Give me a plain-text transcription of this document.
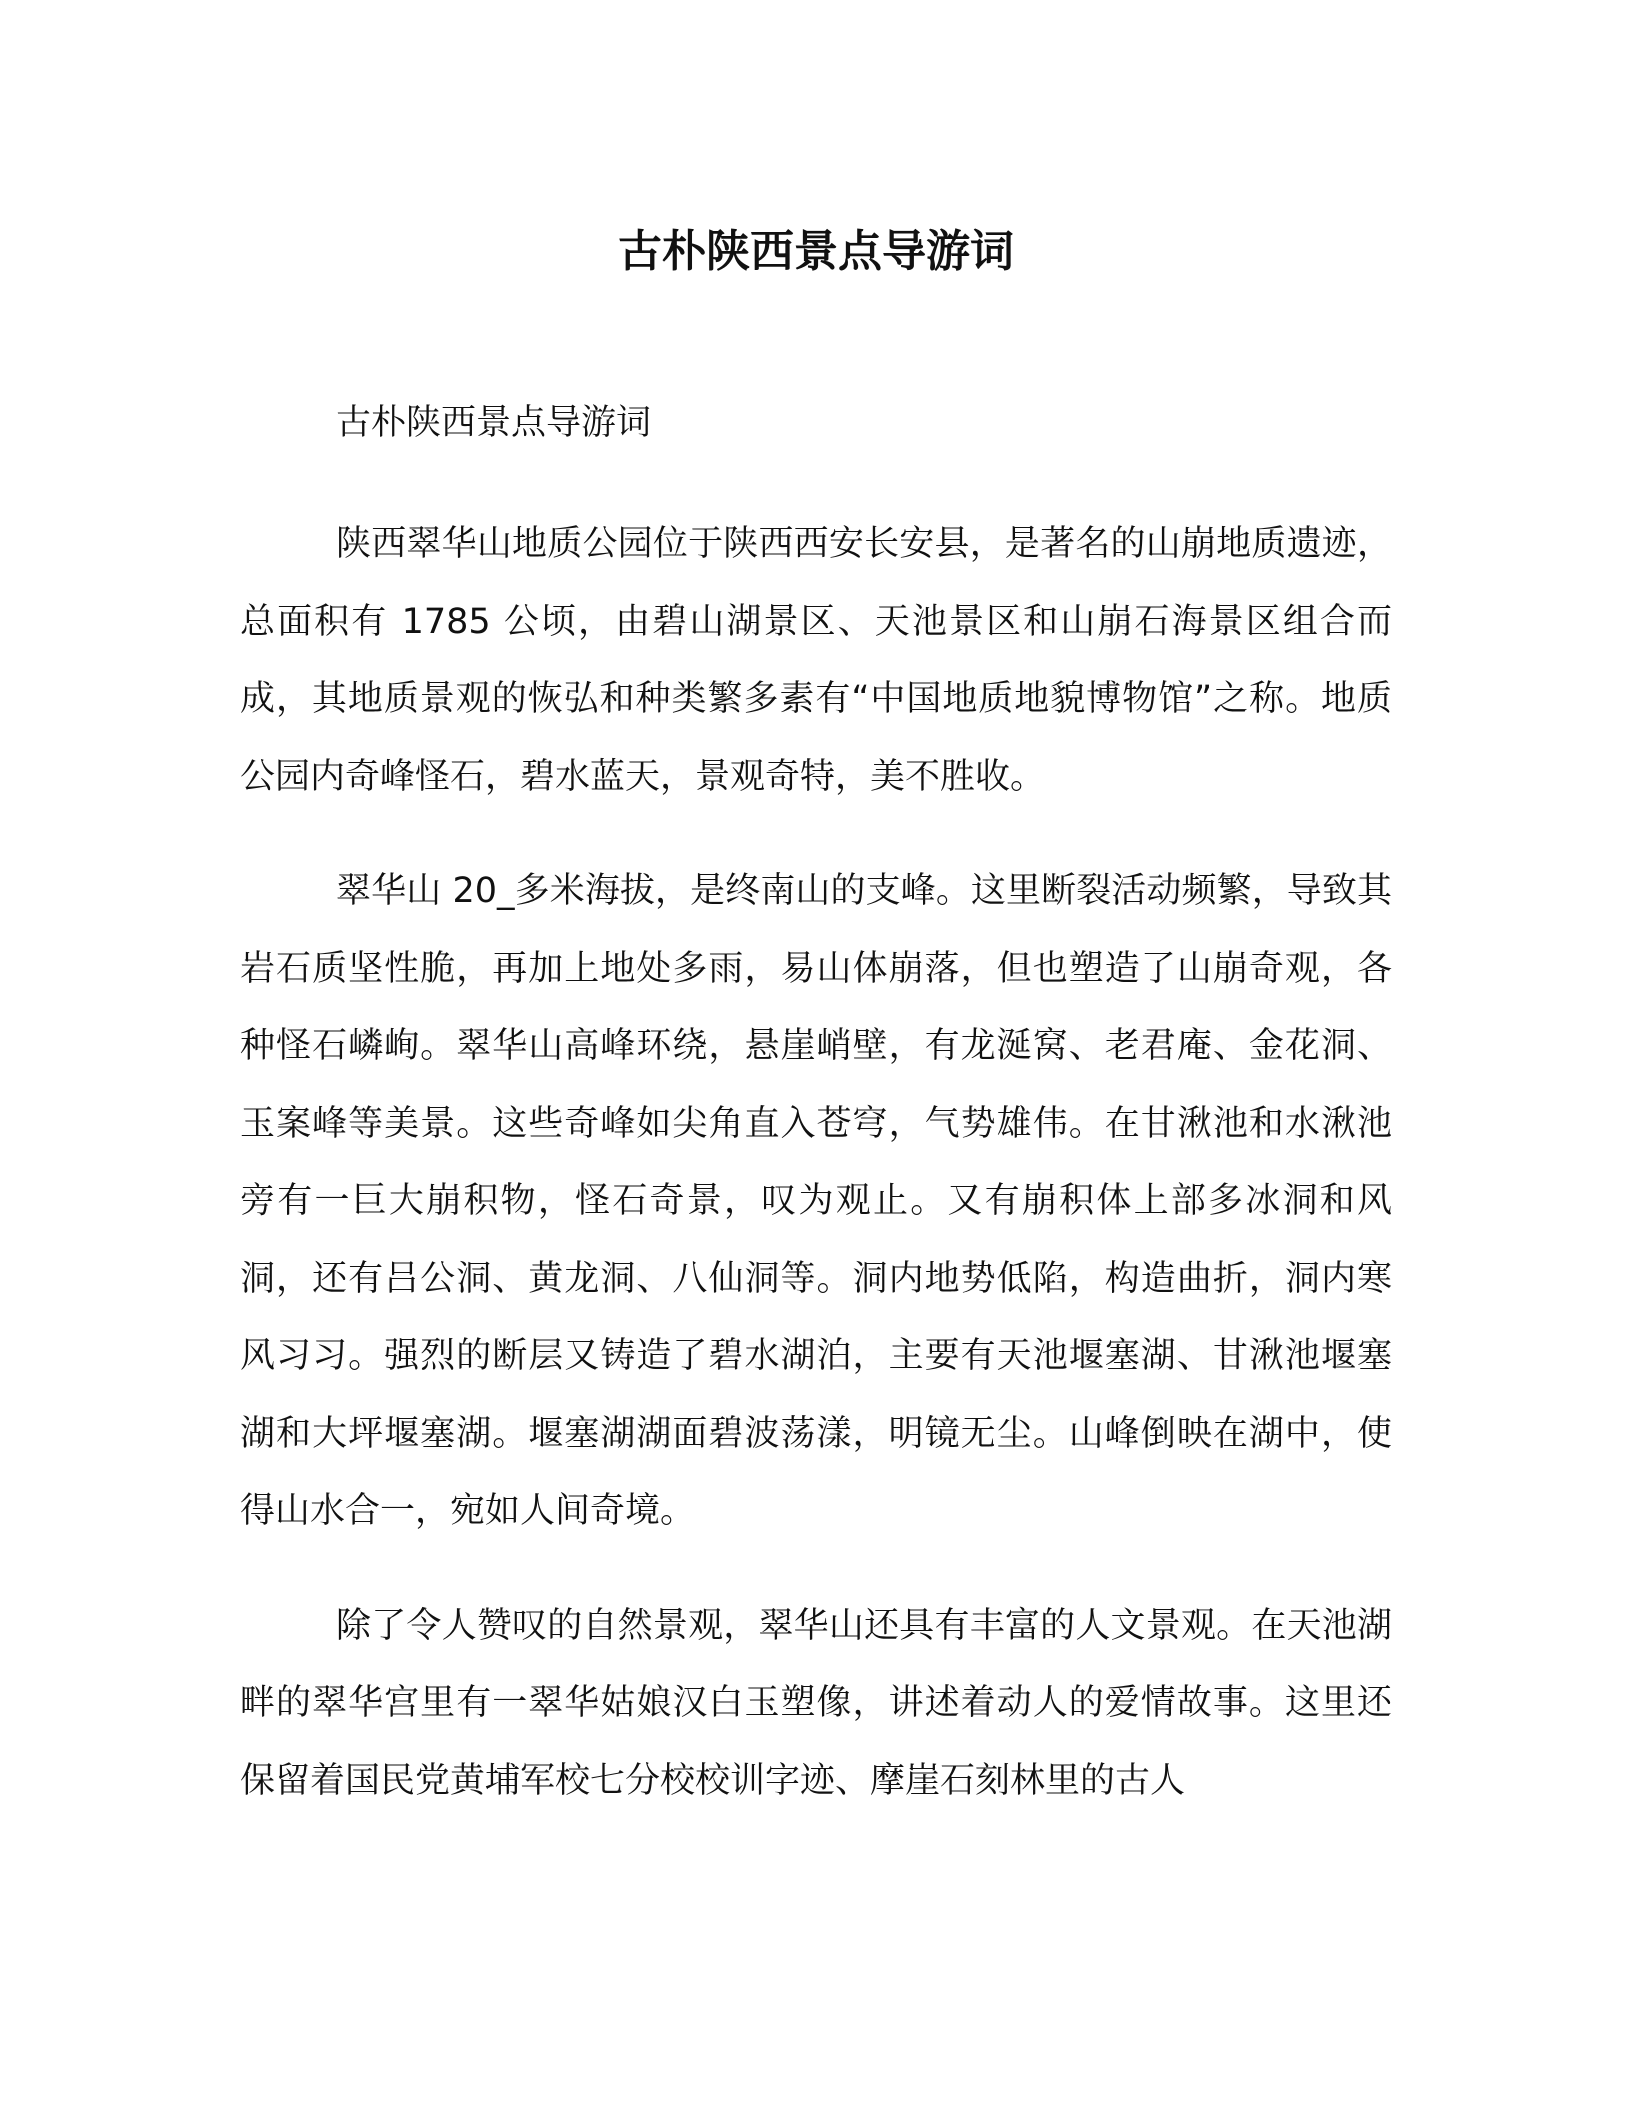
古朴陕西景点导游词

古朴陕西景点导游词

陕西翠华山地质公园位于陕西西安长安县，是著名的山崩地质遗迹，总面积有 1785 公顷，由碧山湖景区、天池景区和山崩石海景区组合而成，其地质景观的恢弘和种类繁多素有“中国地质地貌博物馆”之称。地质公园内奇峰怪石，碧水蓝天，景观奇特，美不胜收。

翠华山 20_多米海拔，是终南山的支峰。这里断裂活动频繁，导致其岩石质坚性脆，再加上地处多雨，易山体崩落，但也塑造了山崩奇观，各种怪石嶙峋。翠华山高峰环绕，悬崖峭壁，有龙涎窝、老君庵、金花洞、玉案峰等美景。这些奇峰如尖角直入苍穹，气势雄伟。在甘湫池和水湫池旁有一巨大崩积物，怪石奇景，叹为观止。又有崩积体上部多冰洞和风洞，还有吕公洞、黄龙洞、八仙洞等。洞内地势低陷，构造曲折，洞内寒风习习。强烈的断层又铸造了碧水湖泊，主要有天池堰塞湖、甘湫池堰塞湖和大坪堰塞湖。堰塞湖湖面碧波荡漾，明镜无尘。山峰倒映在湖中，使得山水合一，宛如人间奇境。

除了令人赞叹的自然景观，翠华山还具有丰富的人文景观。在天池湖畔的翠华宫里有一翠华姑娘汉白玉塑像，讲述着动人的爱情故事。这里还保留着国民党黄埔军校七分校校训字迹、摩崖石刻林里的古人
